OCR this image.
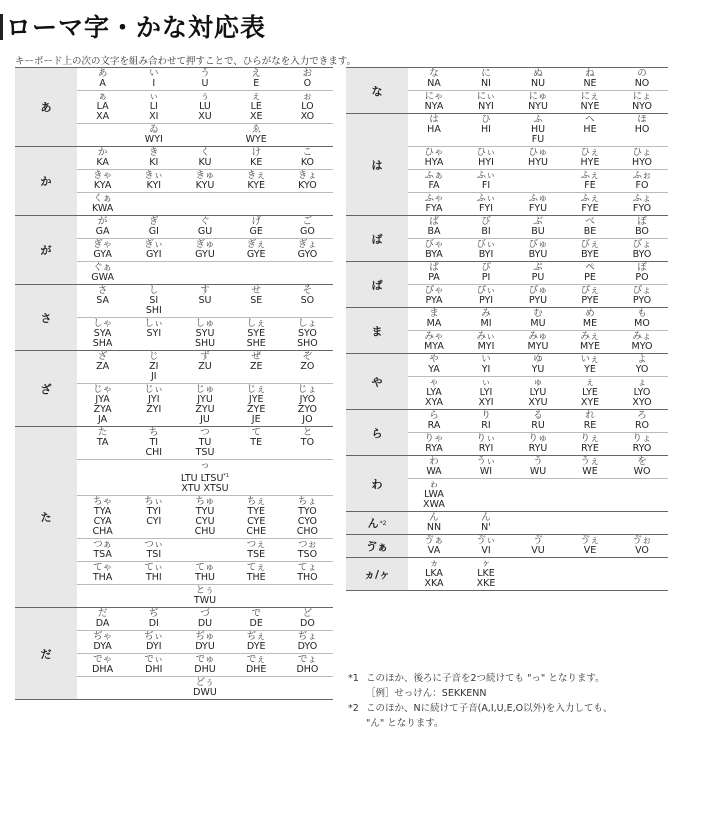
ローマ字・かな対応表
キーボード上の次の文字を組み合わせて押すことで、ひらがなを入力できます。
あ
あ
A
い
I
う
U
え
E
お
O
ぁ
LA
XA
ぃ
LI
XI
ぅ
LU
XU
ぇ
LE
XE
ぉ
LO
XO
ゐ
WYI
ゑ
WYE
か
か
KA
き
KI
く
KU
け
KE
こ
KO
きゃ
KYA
きぃ
KYI
きゅ
KYU
きぇ
KYE
きょ
KYO
くぁ
KWA
が
が
GA
ぎ
GI
ぐ
GU
げ
GE
ご
GO
ぎゃ
GYA
ぎぃ
GYI
ぎゅ
GYU
ぎぇ
GYE
ぎょ
GYO
ぐぁ
GWA
さ
さ
SA
し
SI
SHI
す
SU
せ
SE
そ
SO
しゃ
SYA
SHA
しぃ
SYI
しゅ
SYU
SHU
しぇ
SYE
SHE
しょ
SYO
SHO
ざ
ざ
ZA
じ
ZI
JI
ず
ZU
ぜ
ZE
ぞ
ZO
じゃ
JYA
ZYA
JA
じぃ
JYI
ZYI
じゅ
JYU
ZYU
JU
じぇ
JYE
ZYE
JE
じょ
JYO
ZYO
JO
た
た
TA
ち
TI
CHI
つ
TU
TSU
て
TE
と
TO
っ
LTU LTSU$^{*1}$
XTU XTSU
ちゃ
TYA
CYA
CHA
ちぃ
TYI
CYI
ちゅ
TYU
CYU
CHU
ちぇ
TYE
CYE
CHE
ちょ
TYO
CYO
CHO
つぁ
TSA
つぃ
TSI
つぇ
TSE
つぉ
TSO
てゃ
THA
てぃ
THI
てゅ
THU
てぇ
THE
てょ
THO
とぅ
TWU
だ
だ
DA
ぢ
DI
づ
DU
で
DE
ど
DO
ぢゃ
DYA
ぢぃ
DYI
ぢゅ
DYU
ぢぇ
DYE
ぢょ
DYO
でゃ
DHA
でぃ
DHI
でゅ
DHU
でぇ
DHE
でょ
DHO
どぅ
DWU
な
な
NA
に
NI
ぬ
NU
ね
NE
の
NO
にゃ
NYA
にぃ
NYI
にゅ
NYU
にぇ
NYE
にょ
NYO
は
は
HA
ひ
HI
ふ
HU
FU
へ
HE
ほ
HO
ひゃ
HYA
ひぃ
HYI
ひゅ
HYU
ひぇ
HYE
ひょ
HYO
ふぁ
FA
ふぃ
FI
ふぇ
FE
ふぉ
FO
ふゃ
FYA
ふぃ
FYI
ふゅ
FYU
ふぇ
FYE
ふょ
FYO
ば
ば
BA
び
BI
ぶ
BU
べ
BE
ぼ
BO
びゃ
BYA
びぃ
BYI
びゅ
BYU
びぇ
BYE
びょ
BYO
ぱ
ぱ
PA
ぴ
PI
ぷ
PU
ぺ
PE
ぽ
PO
ぴゃ
PYA
ぴぃ
PYI
ぴゅ
PYU
ぴぇ
PYE
ぴょ
PYO
ま
ま
MA
み
MI
む
MU
め
ME
も
MO
みゃ
MYA
みぃ
MYI
みゅ
MYU
みぇ
MYE
みょ
MYO
や
や
YA
い
YI
ゆ
YU
いぇ
YE
よ
YO
ゃ
LYA
XYA
ぃ
LYI
XYI
ゅ
LYU
XYU
ぇ
LYE
XYE
ょ
LYO
XYO
ら
ら
RA
り
RI
る
RU
れ
RE
ろ
RO
りゃ
RYA
りぃ
RYI
りゅ
RYU
りぇ
RYE
りょ
RYO
わ
わ
WA
うぃ
WI
う
WU
うぇ
WE
を
WO
ゎ
LWA
XWA
ん *2	ん
NN
ん
N'
ゔぁ	ゔぁ
VA
ゔぃ
VI
ゔ
VU
ゔぇ
VE
ゔぉ
VO
ヵ/ヶ
ヵ
LKA
XKA
ヶ
LKE
XKE
*1 このほか、後ろに子音を2つ続けても "っ" となります。
［例］せっけん：SEKKENN
*2 このほか、Nに続けて子音(A,I,U,E,O以外)を入力しても、
"ん" となります。
